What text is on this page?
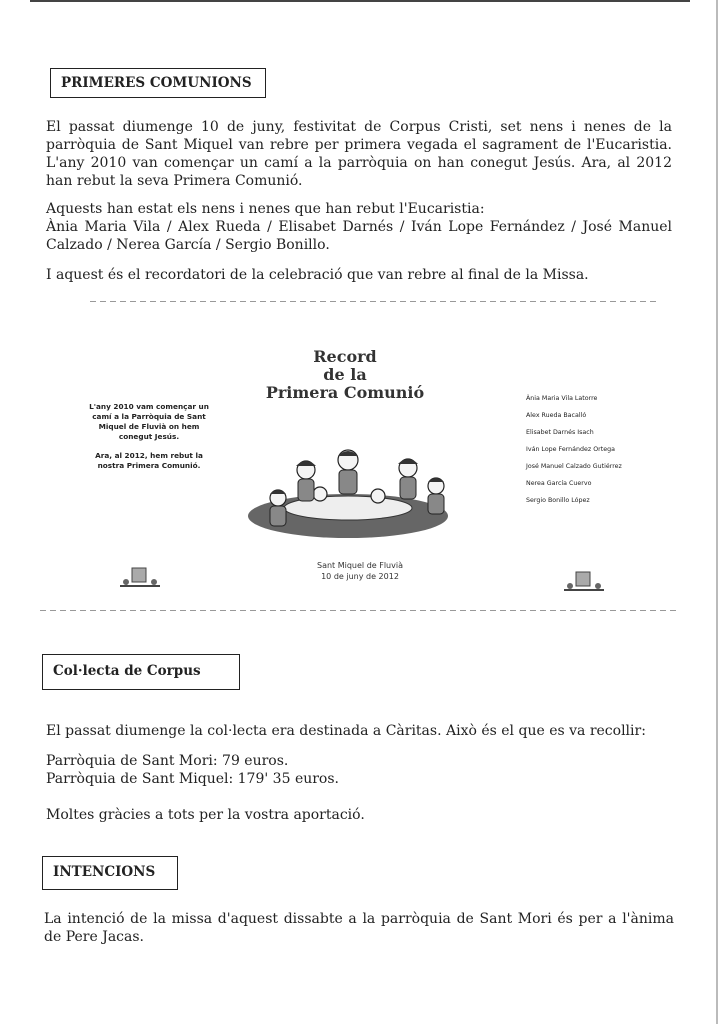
PRIMERES COMUNIONS

El passat diumenge 10 de juny, festivitat de Corpus Cristi, set nens i nenes de la parròquia de Sant Miquel van rebre per primera vegada el sagrament de l'Eucaristia. L'any 2010 van començar un camí a la parròquia on han conegut Jesús. Ara, al 2012 han rebut la seva Primera Comunió.

Aquests han estat els nens i nenes que han rebut l'Eucaristia:

Ània Maria Vila / Alex Rueda / Elisabet Darnés / Iván Lope Fernández / José Manuel Calzado / Nerea García / Sergio Bonillo.

I aquest és el recordatori de la celebració que van rebre al final de la Missa.

Record
de la
Primera Comunió

L'any 2010 vam començar un camí a la Parròquia de Sant Miquel de Fluvià on hem conegut Jesús.

Ara, al 2012, hem rebut la nostra Primera Comunió.

Ània Maria Vila Latorre
Alex Rueda Bacalló
Elisabet Darnés Isach
Iván Lope Fernández Ortega
José Manuel Calzado Gutiérrez
Nerea García Cuervo
Sergio Bonillo López
Sant Miquel de Fluvià
10 de juny de 2012
Col·lecta de Corpus

El passat diumenge la col·lecta era destinada a Càritas. Això és el que es va recollir:

Parròquia de Sant Mori: 79 euros.

Parròquia de Sant Miquel: 179' 35 euros.

Moltes gràcies a tots per la vostra aportació.

INTENCIONS

La intenció de la missa d'aquest dissabte a la parròquia de Sant Mori és per a l'ànima de Pere Jacas.
